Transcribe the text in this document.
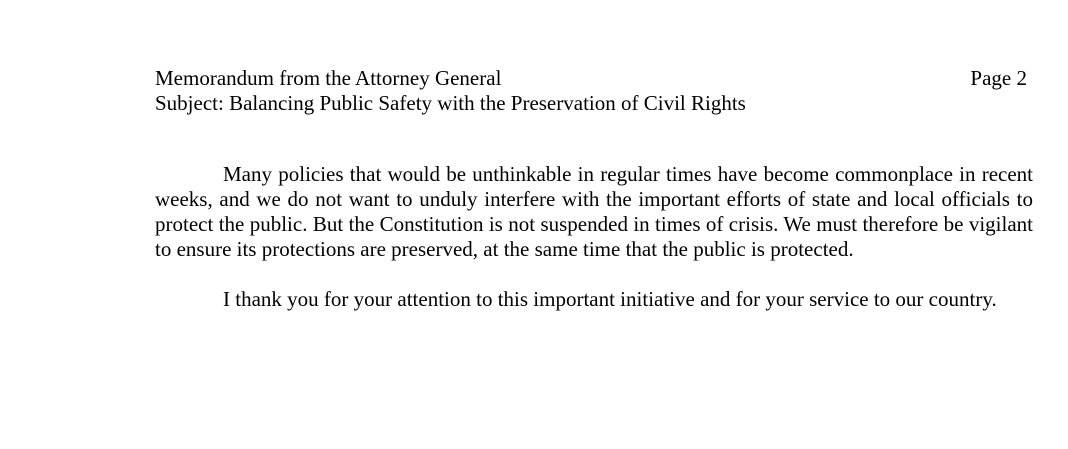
Memorandum from the Attorney General	Page 2
Subject: Balancing Public Safety with the Preservation of Civil Rights

Many policies that would be unthinkable in regular times have become commonplace in recent weeks, and we do not want to unduly interfere with the important efforts of state and local officials to protect the public. But the Constitution is not suspended in times of crisis. We must therefore be vigilant to ensure its protections are preserved, at the same time that the public is protected.

I thank you for your attention to this important initiative and for your service to our country.
